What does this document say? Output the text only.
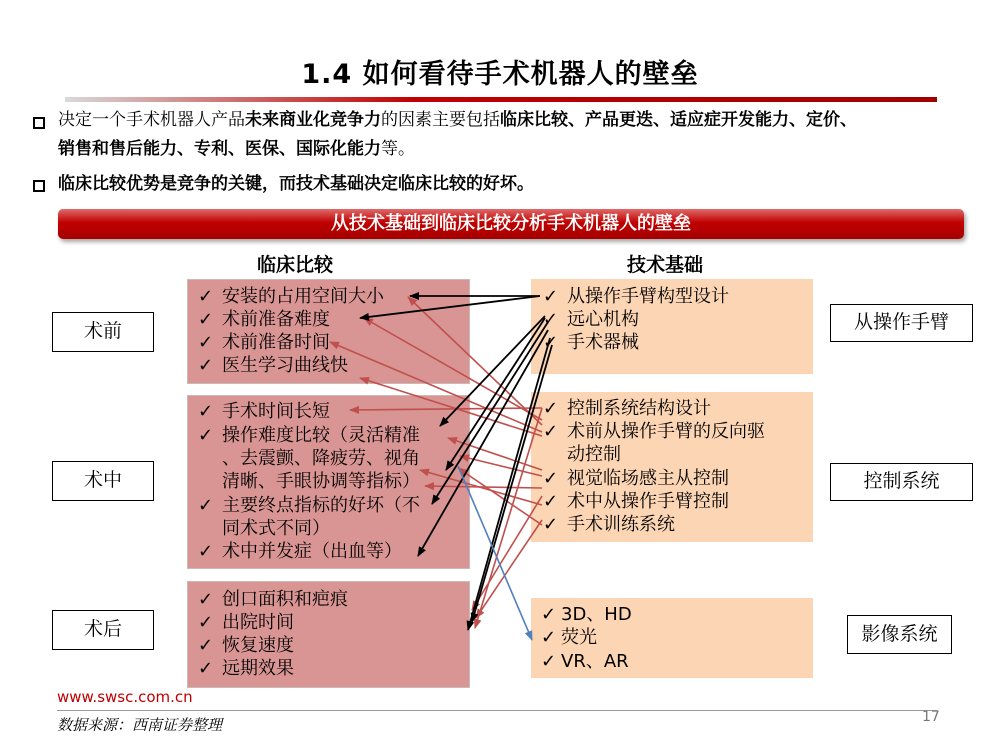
1.4 如何看待手术机器人的壁垒
决定一个手术机器人产品未来商业化竞争力的因素主要包括临床比较、产品更迭、适应症开发能力、定价、
销售和售后能力、专利、医保、国际化能力等。
临床比较优势是竞争的关键，而技术基础决定临床比较的好坏。
从技术基础到临床比较分析手术机器人的壁垒
临床比较	技术基础
✓ 安装的占用空间大小
✓ 术前准备难度
✓ 术前准备时间
✓ 医生学习曲线快
✓ 手术时间长短
✓ 操作难度比较（灵活精准
、去震颤、降疲劳、视角
清晰、手眼协调等指标）
✓ 主要终点指标的好坏（不
同术式不同）
✓ 术中并发症（出血等）
✓ 创口面积和疤痕
✓ 出院时间
✓ 恢复速度
✓ 远期效果
✓ 从操作手臂构型设计
✓ 远心机构
✓ 手术器械
✓ 控制系统结构设计
✓ 术前从操作手臂的反向驱
动控制
✓ 视觉临场感主从控制
✓ 术中从操作手臂控制
✓ 手术训练系统
✓ 3D、HD
✓ 荧光
✓ VR、AR
术前
术中
术后
从操作手臂
控制系统
影像系统
www.swsc.com.cn
数据来源：西南证券整理	17
